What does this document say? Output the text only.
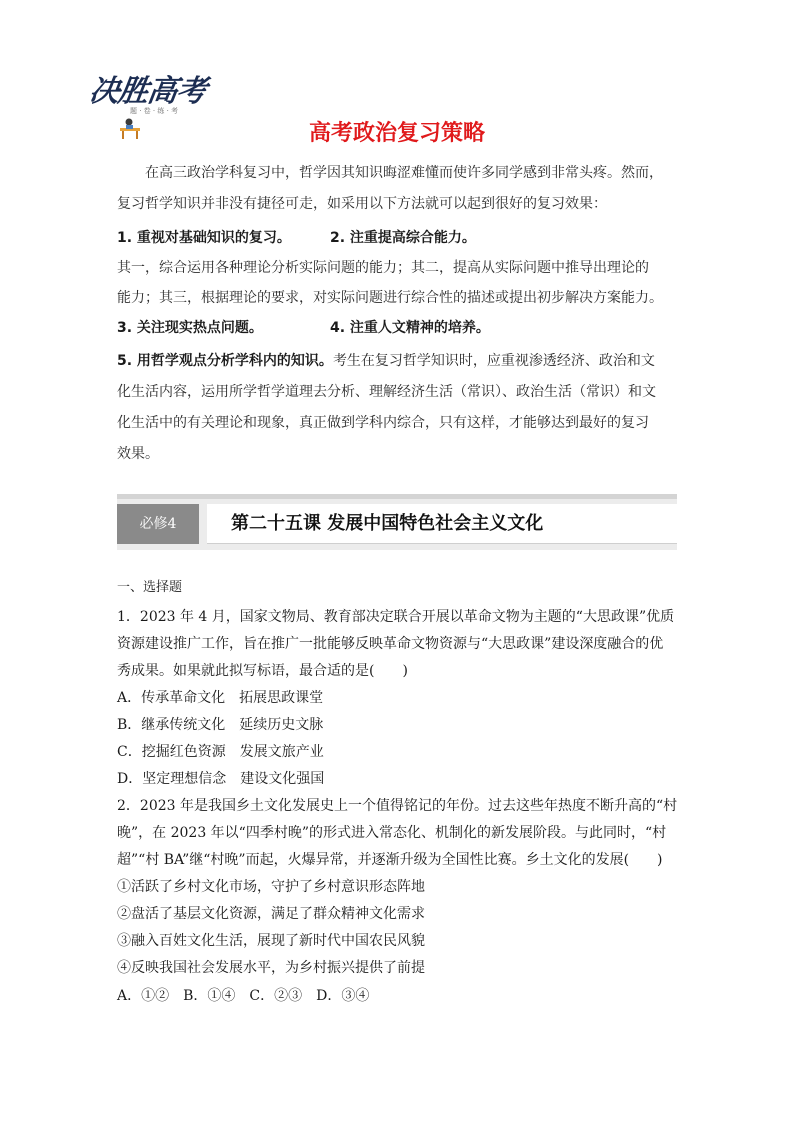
决胜高考
题 · 卷 · 练 · 考
高考政治复习策略
在高三政治学科复习中，哲学因其知识晦涩难懂而使许多同学感到非常头疼。然而，
复习哲学知识并非没有捷径可走，如采用以下方法就可以起到很好的复习效果：
1. 重视对基础知识的复习。	2. 注重提高综合能力。
其一，综合运用各种理论分析实际问题的能力；其二，提高从实际问题中推导出理论的
能力；其三，根据理论的要求，对实际问题进行综合性的描述或提出初步解决方案能力。
3. 关注现实热点问题。	4. 注重人文精神的培养。
5. 用哲学观点分析学科内的知识。考生在复习哲学知识时，应重视渗透经济、政治和文
化生活内容，运用所学哲学道理去分析、理解经济生活（常识）、政治生活（常识）和文
化生活中的有关理论和现象，真正做到学科内综合，只有这样，才能够达到最好的复习
效果。
必修4	第二十五课 发展中国特色社会主义文化
一、选择题
1．2023 年 4 月，国家文物局、教育部决定联合开展以革命文物为主题的“大思政课”优质
资源建设推广工作，旨在推广一批能够反映革命文物资源与“大思政课”建设深度融合的优
秀成果。如果就此拟写标语，最合适的是(　　)
A．传承革命文化　拓展思政课堂
B．继承传统文化　延续历史文脉
C．挖掘红色资源　发展文旅产业
D．坚定理想信念　建设文化强国
2．2023 年是我国乡土文化发展史上一个值得铭记的年份。过去这些年热度不断升高的“村
晚”，在 2023 年以“四季村晚”的形式进入常态化、机制化的新发展阶段。与此同时，“村
超”“村 BA”继“村晚”而起，火爆异常，并逐渐升级为全国性比赛。乡土文化的发展(　　)
①活跃了乡村文化市场，守护了乡村意识形态阵地
②盘活了基层文化资源，满足了群众精神文化需求
③融入百姓文化生活，展现了新时代中国农民风貌
④反映我国社会发展水平，为乡村振兴提供了前提
A．①②　B．①④　C．②③　D．③④
